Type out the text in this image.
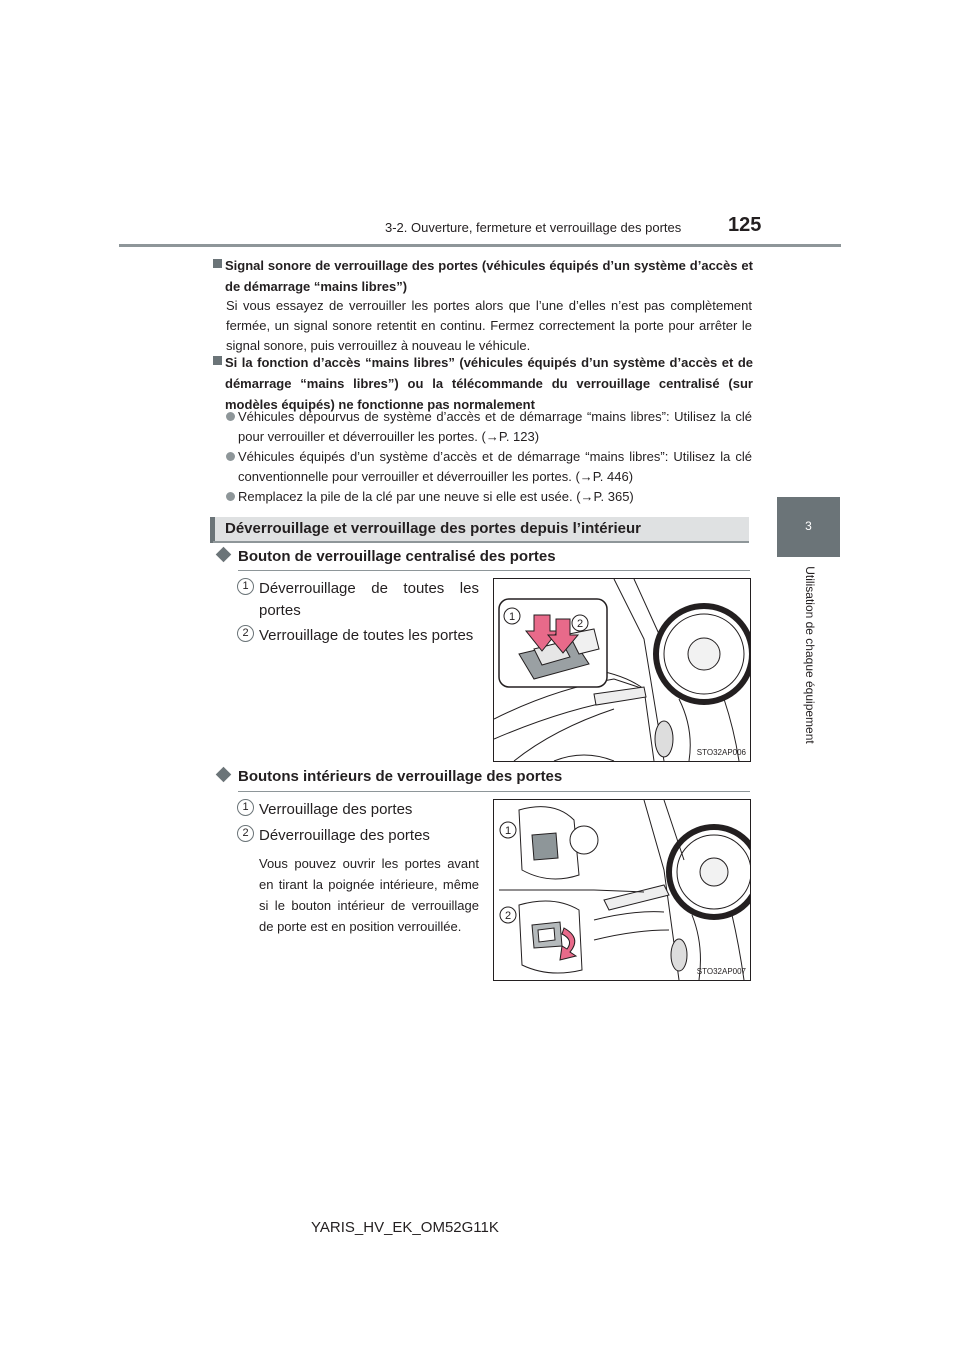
3-2. Ouverture, fermeture et verrouillage des portes 125
3
Utilisation de chaque équipement
Signal sonore de verrouillage des portes (véhicules équipés d’un système d’accès et de démarrage “mains libres”)
Si vous essayez de verrouiller les portes alors que l’une d’elles n’est pas complètement fermée, un signal sonore retentit en continu. Fermez correctement la porte pour arrêter le signal sonore, puis verrouillez à nouveau le véhicule.
Si la fonction d’accès “mains libres” (véhicules équipés d’un système d’accès et de démarrage “mains libres”) ou la télécommande du verrouillage centralisé (sur modèles équipés) ne fonctionne pas normalement
Véhicules dépourvus de système d’accès et de démarrage “mains libres”: Utilisez la clé pour verrouiller et déverrouiller les portes. (→P. 123)
Véhicules équipés d’un système d’accès et de démarrage “mains libres”: Utilisez la clé conventionnelle pour verrouiller et déverrouiller les portes. (→P. 446)
Remplacez la pile de la clé par une neuve si elle est usée. (→P. 365)
Déverrouillage et verrouillage des portes depuis l’intérieur
Bouton de verrouillage centralisé des portes
1 Déverrouillage de toutes les portes
2 Verrouillage de toutes les portes
1
2
STO32AP006
Boutons intérieurs de verrouillage des portes
1 Verrouillage des portes
2 Déverrouillage des portes
Vous pouvez ouvrir les portes avant en tirant la poignée intérieure, même si le bouton intérieur de verrouillage de porte est en position verrouillée.
1
2
STO32AP007
YARIS_HV_EK_OM52G11K
